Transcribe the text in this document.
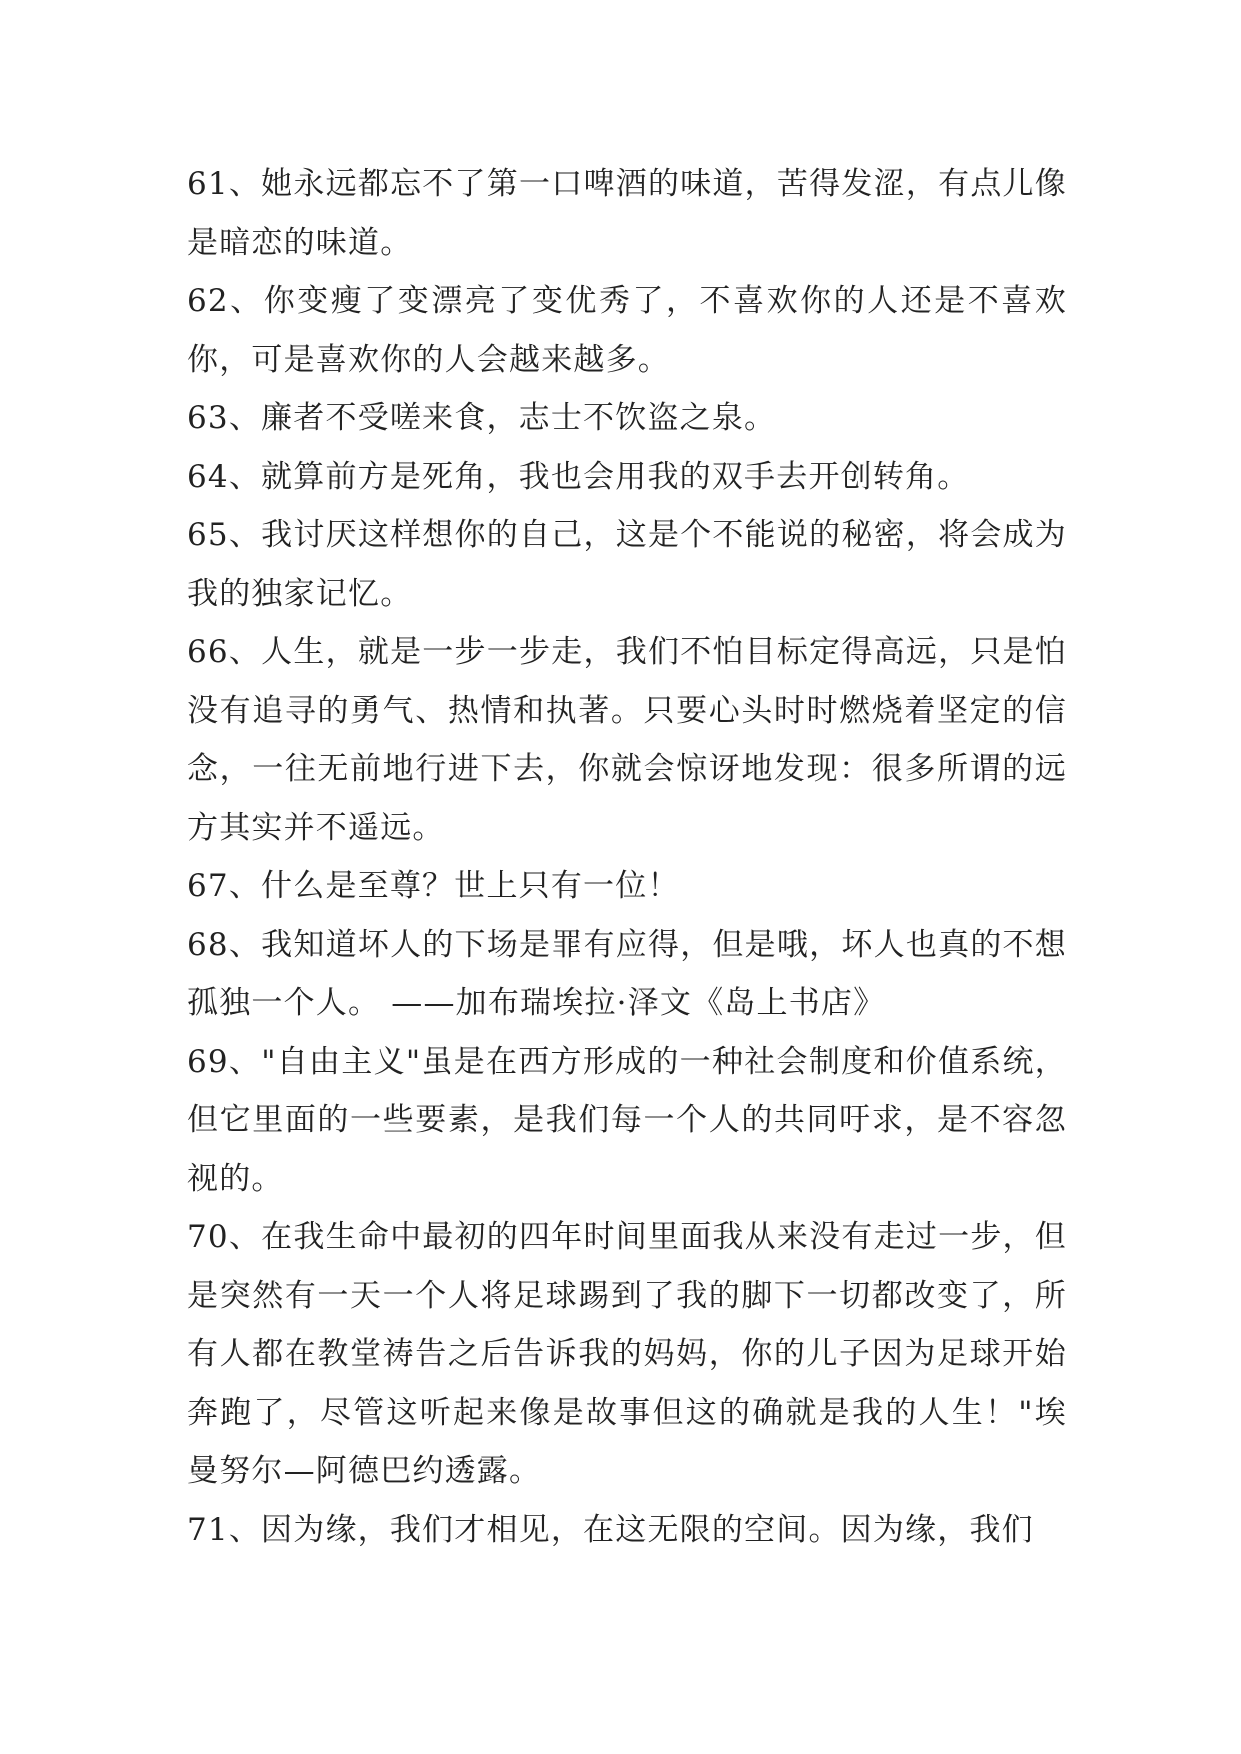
61、她永远都忘不了第一口啤酒的味道，苦得发涩，有点儿像是暗恋的味道。

62、你变瘦了变漂亮了变优秀了，不喜欢你的人还是不喜欢你，可是喜欢你的人会越来越多。

63、廉者不受嗟来食，志士不饮盗之泉。

64、就算前方是死角，我也会用我的双手去开创转角。

65、我讨厌这样想你的自己，这是个不能说的秘密，将会成为我的独家记忆。

66、人生，就是一步一步走，我们不怕目标定得高远，只是怕没有追寻的勇气、热情和执著。只要心头时时燃烧着坚定的信念，一往无前地行进下去，你就会惊讶地发现：很多所谓的远方其实并不遥远。

67、什么是至尊？世上只有一位！

68、我知道坏人的下场是罪有应得，但是哦，坏人也真的不想孤独一个人。 ——加布瑞埃拉·泽文《岛上书店》

69、"自由主义"虽是在西方形成的一种社会制度和价值系统，但它里面的一些要素，是我们每一个人的共同吁求，是不容忽视的。

70、在我生命中最初的四年时间里面我从来没有走过一步，但是突然有一天一个人将足球踢到了我的脚下一切都改变了，所有人都在教堂祷告之后告诉我的妈妈，你的儿子因为足球开始奔跑了，尽管这听起来像是故事但这的确就是我的人生！"埃曼努尔—阿德巴约透露。

71、因为缘，我们才相见，在这无限的空间。因为缘，我们
